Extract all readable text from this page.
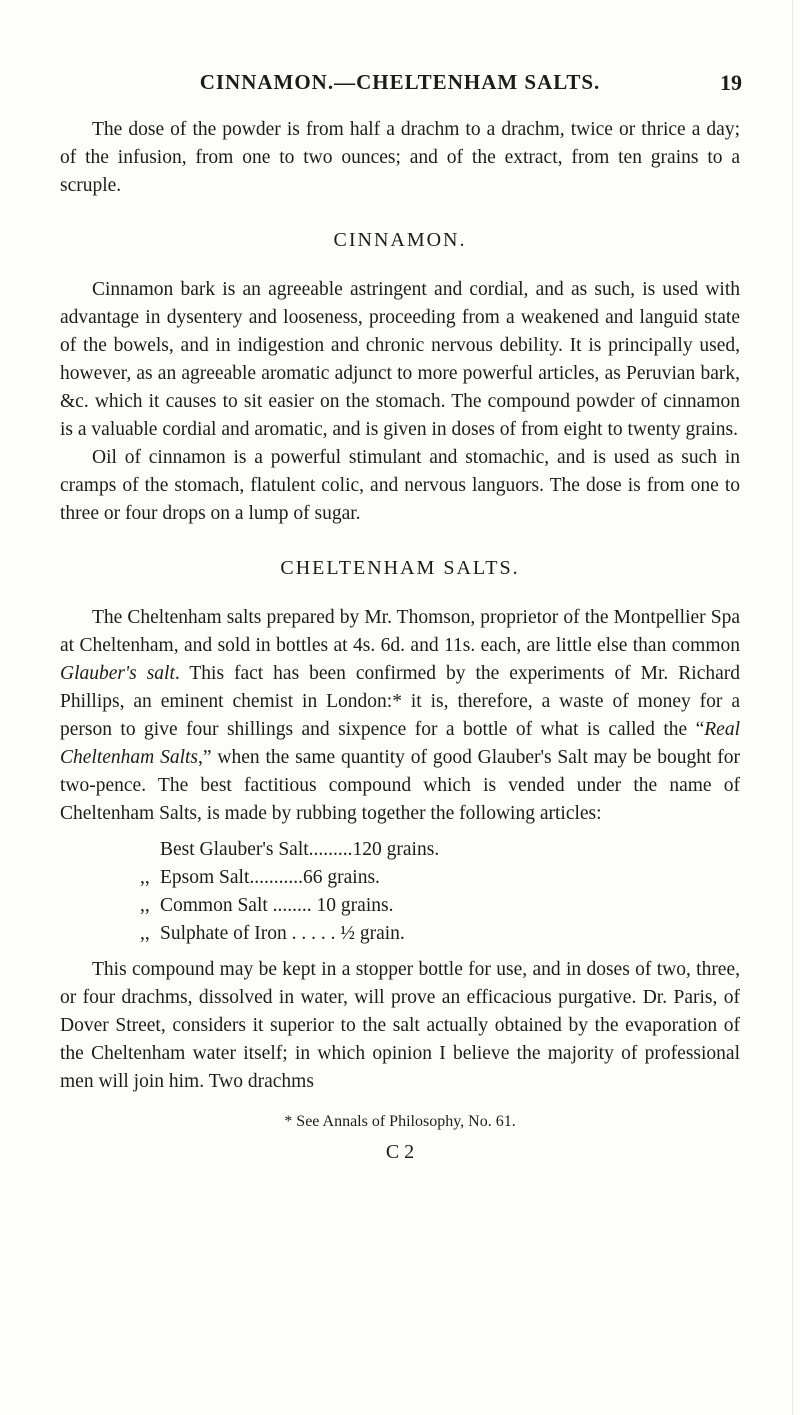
CINNAMON.—CHELTENHAM SALTS.	19

The dose of the powder is from half a drachm to a drachm, twice or thrice a day; of the infusion, from one to two ounces; and of the extract, from ten grains to a scruple.

CINNAMON.

Cinnamon bark is an agreeable astringent and cordial, and as such, is used with advantage in dysentery and looseness, proceeding from a weakened and languid state of the bowels, and in indigestion and chronic nervous debility. It is principally used, however, as an agreeable aromatic adjunct to more powerful articles, as Peruvian bark, &c. which it causes to sit easier on the stomach. The compound powder of cinnamon is a valuable cordial and aromatic, and is given in doses of from eight to twenty grains.

Oil of cinnamon is a powerful stimulant and stomachic, and is used as such in cramps of the stomach, flatulent colic, and nervous languors. The dose is from one to three or four drops on a lump of sugar.

CHELTENHAM SALTS.

The Cheltenham salts prepared by Mr. Thomson, proprietor of the Montpellier Spa at Cheltenham, and sold in bottles at 4s. 6d. and 11s. each, are little else than common Glauber's salt. This fact has been confirmed by the experiments of Mr. Richard Phillips, an eminent chemist in London:* it is, therefore, a waste of money for a person to give four shillings and sixpence for a bottle of what is called the “Real Cheltenham Salts,” when the same quantity of good Glauber's Salt may be bought for two-pence. The best factitious compound which is vended under the name of Cheltenham Salts, is made by rubbing together the following articles:

Best Glauber's Salt.........120 grains.
,, Epsom Salt...........66 grains.
,, Common Salt ........ 10 grains.
,, Sulphate of Iron . . . . . ½ grain.

This compound may be kept in a stopper bottle for use, and in doses of two, three, or four drachms, dissolved in water, will prove an efficacious purgative. Dr. Paris, of Dover Street, considers it superior to the salt actually obtained by the evaporation of the Cheltenham water itself; in which opinion I believe the majority of professional men will join him. Two drachms

* See Annals of Philosophy, No. 61.
C 2
